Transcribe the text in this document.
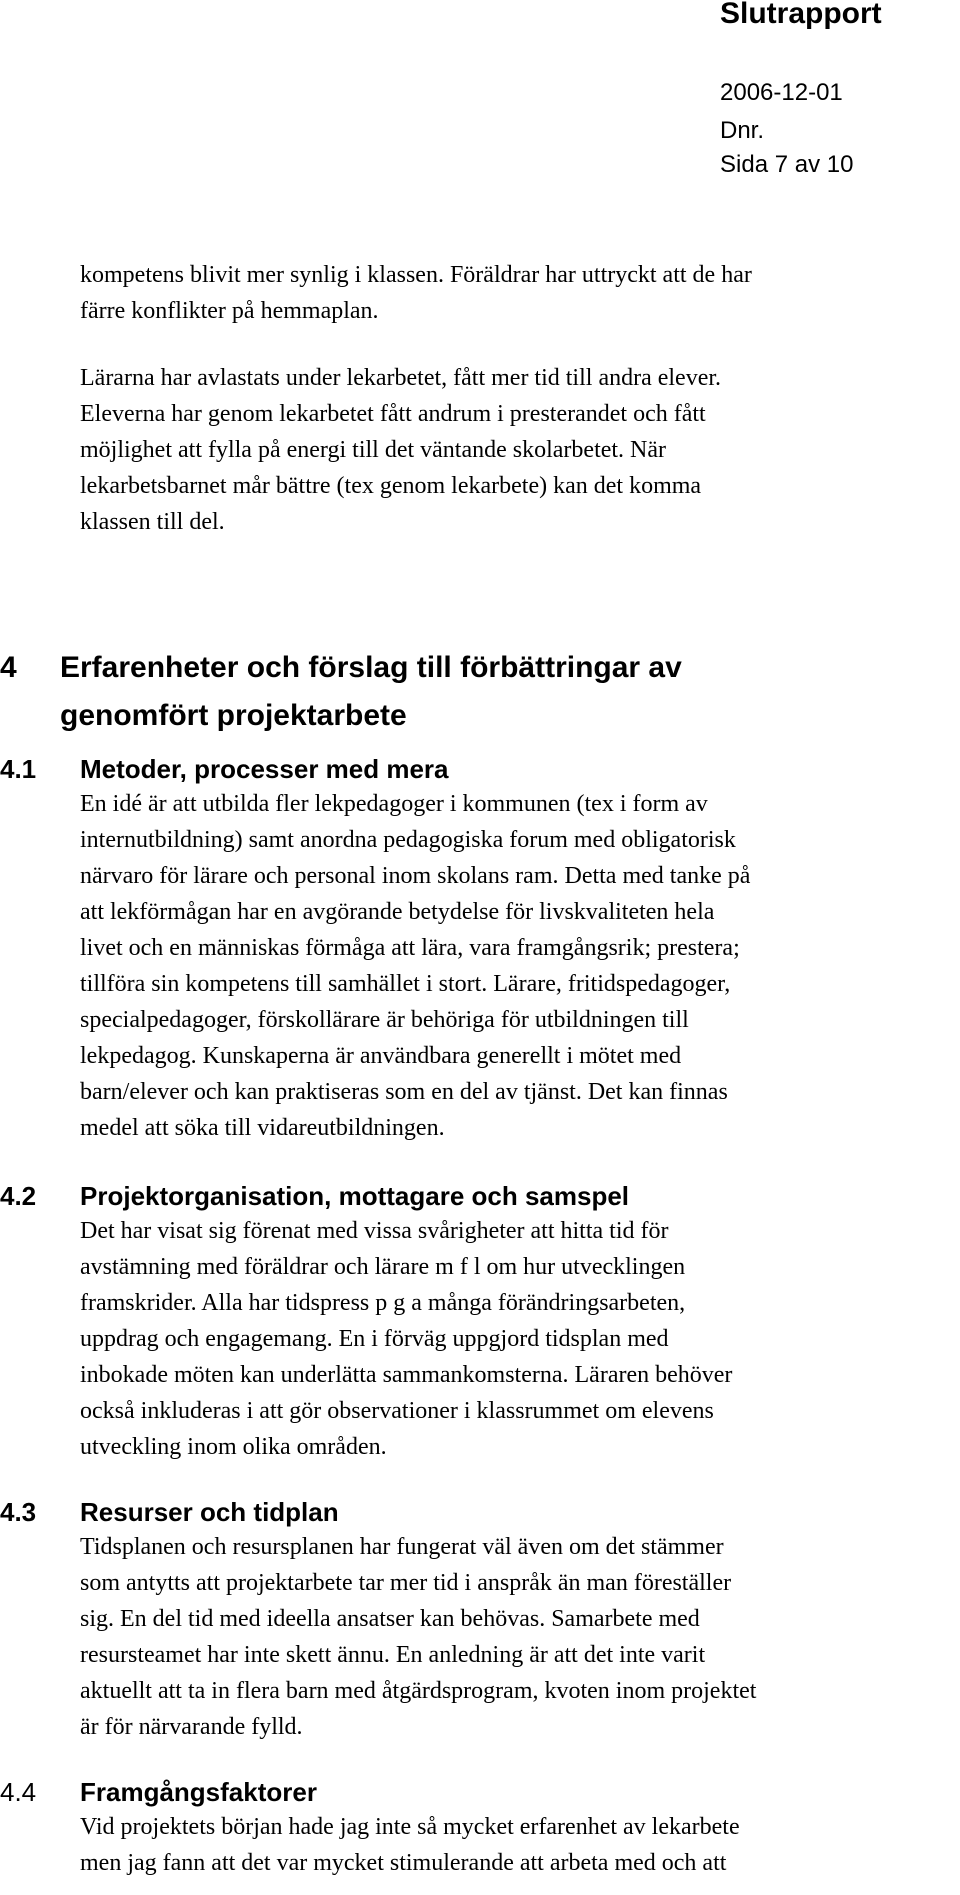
Slutrapport
2006-12-01
Dnr.
Sida 7 av 10
kompetens blivit mer synlig i klassen. Föräldrar har uttryckt att de har
färre konflikter på hemmaplan.
Lärarna har avlastats under lekarbetet, fått mer tid till andra elever.
Eleverna har genom lekarbetet fått andrum i presterandet och fått
möjlighet att fylla på energi till det väntande skolarbetet. När
lekarbetsbarnet mår bättre (tex genom lekarbete) kan det komma
klassen till del.
4 Erfarenheter och förslag till förbättringar av
genomfört projektarbete
4.1	Metoder, processer med mera
En idé är att utbilda fler lekpedagoger i kommunen (tex i form av
internutbildning) samt anordna pedagogiska forum med obligatorisk
närvaro för lärare och personal inom skolans ram. Detta med tanke på
att lekförmågan har en avgörande betydelse för livskvaliteten hela
livet och en människas förmåga att lära, vara framgångsrik; prestera;
tillföra sin kompetens till samhället i stort. Lärare, fritidspedagoger,
specialpedagoger, förskollärare är behöriga för utbildningen till
lekpedagog. Kunskaperna är användbara generellt i mötet med
barn/elever och kan praktiseras som en del av tjänst. Det kan finnas
medel att söka till vidareutbildningen.
4.2	Projektorganisation, mottagare och samspel
Det har visat sig förenat med vissa svårigheter att hitta tid för
avstämning med föräldrar och lärare m f l om hur utvecklingen
framskrider. Alla har tidspress p g a många förändringsarbeten,
uppdrag och engagemang. En i förväg uppgjord tidsplan med
inbokade möten kan underlätta sammankomsterna. Läraren behöver
också inkluderas i att gör observationer i klassrummet om elevens
utveckling inom olika områden.
4.3	Resurser och tidplan
Tidsplanen och resursplanen har fungerat väl även om det stämmer
som antytts att projektarbete tar mer tid i anspråk än man föreställer
sig. En del tid med ideella ansatser kan behövas. Samarbete med
resursteamet har inte skett ännu. En anledning är att det inte varit
aktuellt att ta in flera barn med åtgärdsprogram, kvoten inom projektet
är för närvarande fylld.
4.4 Framgångsfaktorer
Vid projektets början hade jag inte så mycket erfarenhet av lekarbete
men jag fann att det var mycket stimulerande att arbeta med och att
